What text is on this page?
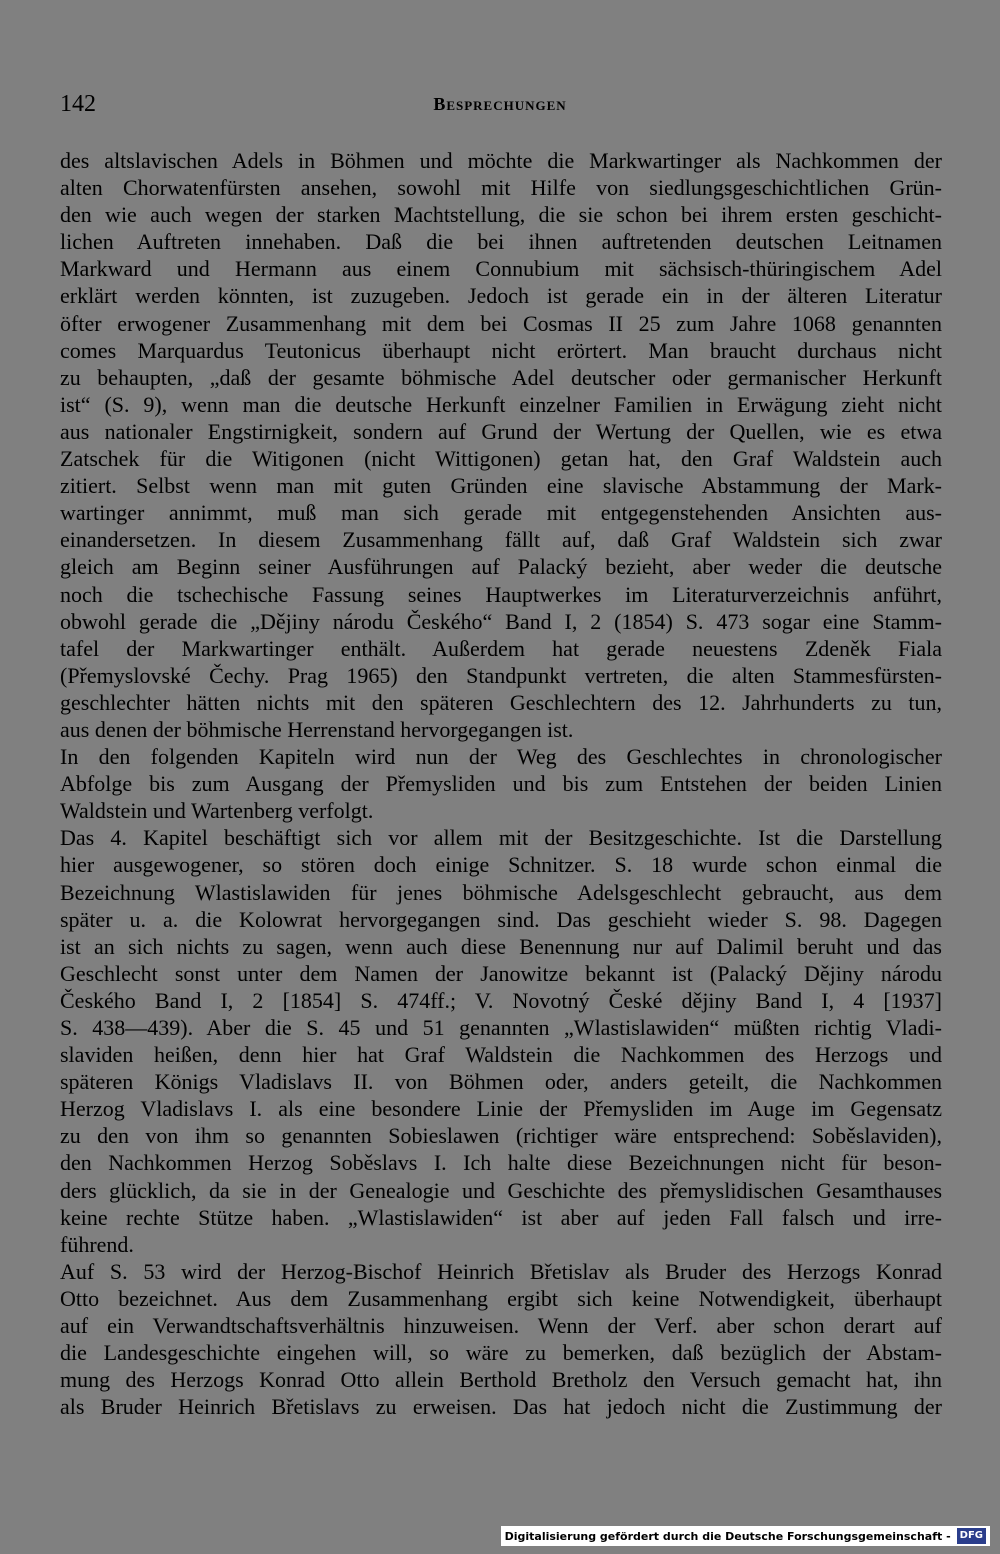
142	Besprechungen
des altslavischen Adels in Böhmen und möchte die Markwartinger als Nachkommen der
alten Chorwatenfürsten ansehen, sowohl mit Hilfe von siedlungsgeschichtlichen Grün-
den wie auch wegen der starken Machtstellung, die sie schon bei ihrem ersten geschicht-
lichen Auftreten innehaben. Daß die bei ihnen auftretenden deutschen Leitnamen
Markward und Hermann aus einem Connubium mit sächsisch-thüringischem Adel
erklärt werden könnten, ist zuzugeben. Jedoch ist gerade ein in der älteren Literatur
öfter erwogener Zusammenhang mit dem bei Cosmas II 25 zum Jahre 1068 genannten
comes Marquardus Teutonicus überhaupt nicht erörtert. Man braucht durchaus nicht
zu behaupten, „daß der gesamte böhmische Adel deutscher oder germanischer Herkunft
ist“ (S. 9), wenn man die deutsche Herkunft einzelner Familien in Erwägung zieht nicht
aus nationaler Engstirnigkeit, sondern auf Grund der Wertung der Quellen, wie es etwa
Zatschek für die Witigonen (nicht Wittigonen) getan hat, den Graf Waldstein auch
zitiert. Selbst wenn man mit guten Gründen eine slavische Abstammung der Mark-
wartinger annimmt, muß man sich gerade mit entgegenstehenden Ansichten aus-
einandersetzen. In diesem Zusammenhang fällt auf, daß Graf Waldstein sich zwar
gleich am Beginn seiner Ausführungen auf Palacký bezieht, aber weder die deutsche
noch die tschechische Fassung seines Hauptwerkes im Literaturverzeichnis anführt,
obwohl gerade die „Dějiny národu Českého“ Band I, 2 (1854) S. 473 sogar eine Stamm-
tafel der Markwartinger enthält. Außerdem hat gerade neuestens Zdeněk Fiala
(Přemyslovské Čechy. Prag 1965) den Standpunkt vertreten, die alten Stammesfürsten-
geschlechter hätten nichts mit den späteren Geschlechtern des 12. Jahrhunderts zu tun,
aus denen der böhmische Herrenstand hervorgegangen ist.
In den folgenden Kapiteln wird nun der Weg des Geschlechtes in chronologischer
Abfolge bis zum Ausgang der Přemysliden und bis zum Entstehen der beiden Linien
Waldstein und Wartenberg verfolgt.
Das 4. Kapitel beschäftigt sich vor allem mit der Besitzgeschichte. Ist die Darstellung
hier ausgewogener, so stören doch einige Schnitzer. S. 18 wurde schon einmal die
Bezeichnung Wlastislawiden für jenes böhmische Adelsgeschlecht gebraucht, aus dem
später u. a. die Kolowrat hervorgegangen sind. Das geschieht wieder S. 98. Dagegen
ist an sich nichts zu sagen, wenn auch diese Benennung nur auf Dalimil beruht und das
Geschlecht sonst unter dem Namen der Janowitze bekannt ist (Palacký Dějiny národu
Českého Band I, 2 [1854] S. 474ff.; V. Novotný České dějiny Band I, 4 [1937]
S. 438—439). Aber die S. 45 und 51 genannten „Wlastislawiden“ müßten richtig Vladi-
slaviden heißen, denn hier hat Graf Waldstein die Nachkommen des Herzogs und
späteren Königs Vladislavs II. von Böhmen oder, anders geteilt, die Nachkommen
Herzog Vladislavs I. als eine besondere Linie der Přemysliden im Auge im Gegensatz
zu den von ihm so genannten Sobieslawen (richtiger wäre entsprechend: Soběslaviden),
den Nachkommen Herzog Soběslavs I. Ich halte diese Bezeichnungen nicht für beson-
ders glücklich, da sie in der Genealogie und Geschichte des přemyslidischen Gesamthauses
keine rechte Stütze haben. „Wlastislawiden“ ist aber auf jeden Fall falsch und irre-
führend.
Auf S. 53 wird der Herzog-Bischof Heinrich Břetislav als Bruder des Herzogs Konrad
Otto bezeichnet. Aus dem Zusammenhang ergibt sich keine Notwendigkeit, überhaupt
auf ein Verwandtschaftsverhältnis hinzuweisen. Wenn der Verf. aber schon derart auf
die Landesgeschichte eingehen will, so wäre zu bemerken, daß bezüglich der Abstam-
mung des Herzogs Konrad Otto allein Berthold Bretholz den Versuch gemacht hat, ihn
als Bruder Heinrich Břetislavs zu erweisen. Das hat jedoch nicht die Zustimmung der
Digitalisierung gefördert durch die Deutsche Forschungsgemeinschaft - DFG
